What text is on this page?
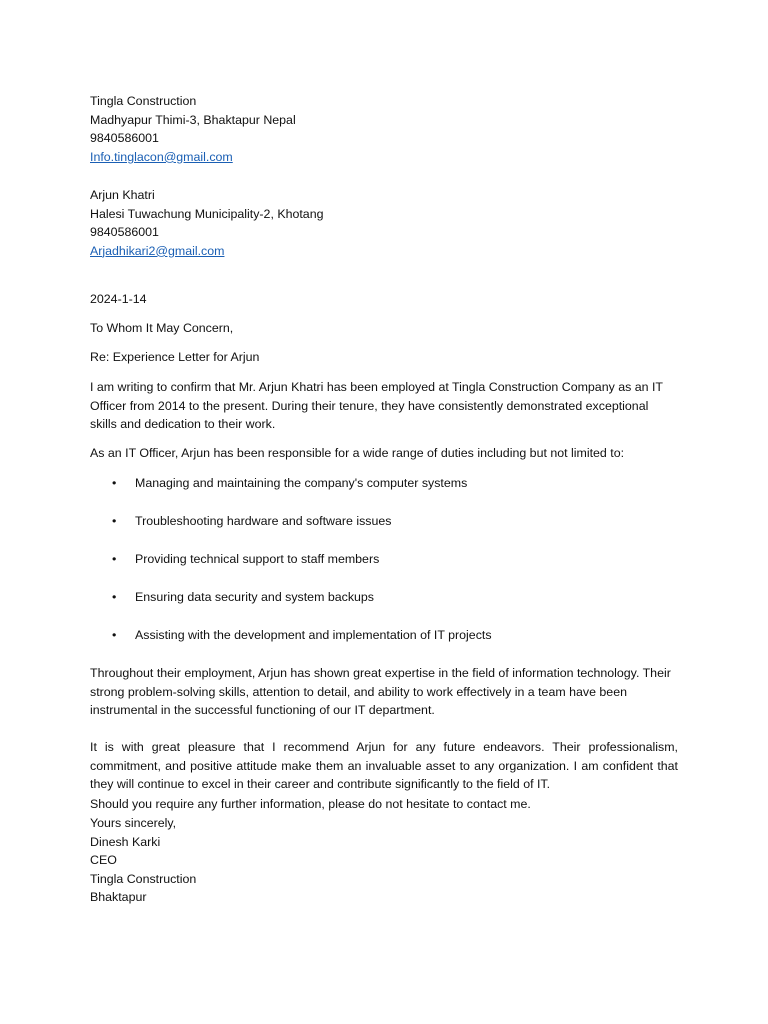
Tingla Construction
Madhyapur Thimi-3, Bhaktapur Nepal
9840586001
Info.tinglacon@gmail.com
Arjun Khatri
Halesi Tuwachung Municipality-2, Khotang
9840586001
Arjadhikari2@gmail.com
2024-1-14
To Whom It May Concern,
Re: Experience Letter for Arjun

I am writing to confirm that Mr. Arjun Khatri has been employed at Tingla Construction Company as an IT Officer from 2014 to the present. During their tenure, they have consistently demonstrated exceptional skills and dedication to their work.

As an IT Officer, Arjun has been responsible for a wide range of duties including but not limited to:

• Managing and maintaining the company's computer systems
• Troubleshooting hardware and software issues
• Providing technical support to staff members
• Ensuring data security and system backups
• Assisting with the development and implementation of IT projects

Throughout their employment, Arjun has shown great expertise in the field of information technology. Their strong problem-solving skills, attention to detail, and ability to work effectively in a team have been instrumental in the successful functioning of our IT department.

It is with great pleasure that I recommend Arjun for any future endeavors. Their professionalism, commitment, and positive attitude make them an invaluable asset to any organization. I am confident that they will continue to excel in their career and contribute significantly to the field of IT.

Should you require any further information, please do not hesitate to contact me.
Yours sincerely,
Dinesh Karki
CEO
Tingla Construction
Bhaktapur
